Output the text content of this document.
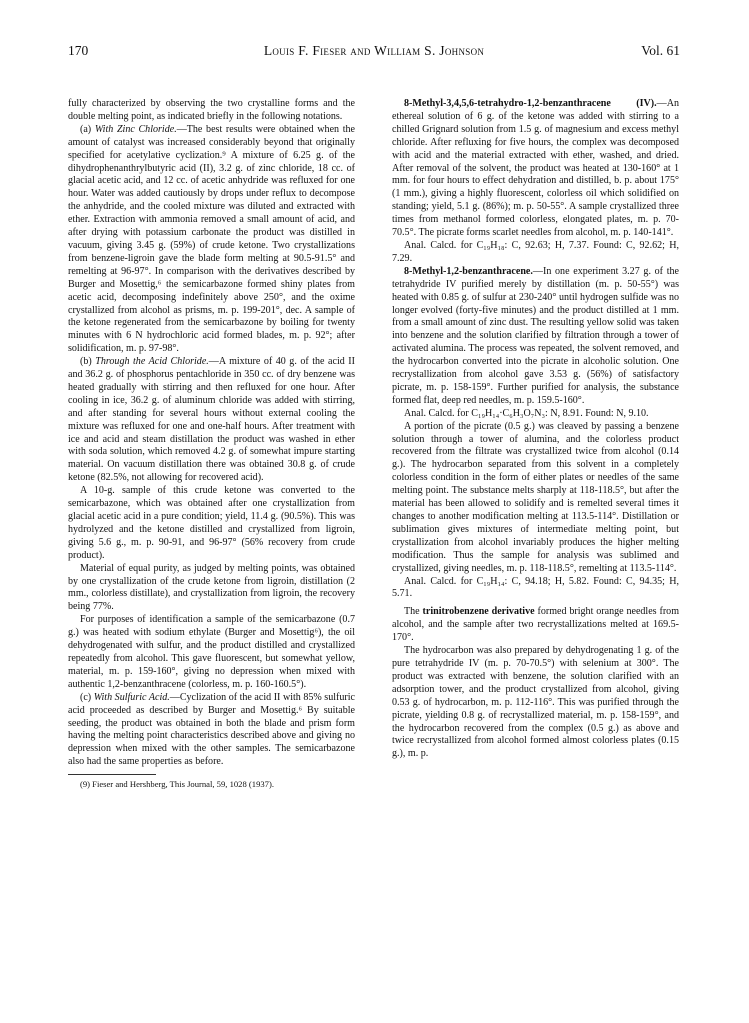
170	Louis F. Fieser and William S. Johnson	Vol. 61

fully characterized by observing the two crystalline forms and the double melting point, as indicated briefly in the following notations.

(a) With Zinc Chloride.—The best results were obtained when the amount of catalyst was increased considerably beyond that originally specified for acetylative cyclization.⁹ A mixture of 6.25 g. of the dihydrophenanthrylbutyric acid (II), 3.2 g. of zinc chloride, 18 cc. of glacial acetic acid, and 12 cc. of acetic anhydride was refluxed for one hour. Water was added cautiously by drops under reflux to decompose the anhydride, and the cooled mixture was diluted and extracted with ether. Extraction with ammonia removed a small amount of acid, and after drying with potassium carbonate the product was distilled in vacuum, giving 3.45 g. (59%) of crude ketone. Two crystallizations from benzene-ligroin gave the blade form melting at 90.5-91.5° and remelting at 96-97°. In comparison with the derivatives described by Burger and Mosettig,⁶ the semicarbazone formed shiny plates from acetic acid, decomposing indefinitely above 250°, and the oxime crystallized from alcohol as prisms, m. p. 199-201°, dec. A sample of the ketone regenerated from the semicarbazone by boiling for twenty minutes with 6 N hydrochloric acid formed blades, m. p. 92°; after solidification, m. p. 97-98°.

(b) Through the Acid Chloride.—A mixture of 40 g. of the acid II and 36.2 g. of phosphorus pentachloride in 350 cc. of dry benzene was heated gradually with stirring and then refluxed for one hour. After cooling in ice, 36.2 g. of aluminum chloride was added with stirring, and after standing for several hours without external cooling the mixture was refluxed for one and one-half hours. After treatment with ice and acid and steam distillation the product was washed in ether with soda solution, which removed 4.2 g. of somewhat impure starting material. On vacuum distillation there was obtained 30.8 g. of crude ketone (82.5%, not allowing for recovered acid).

A 10-g. sample of this crude ketone was converted to the semicarbazone, which was obtained after one crystallization from glacial acetic acid in a pure condition; yield, 11.4 g. (90.5%). This was hydrolyzed and the ketone distilled and crystallized from ligroin, giving 5.6 g., m. p. 90-91, and 96-97° (56% recovery from crude product).

Material of equal purity, as judged by melting points, was obtained by one crystallization of the crude ketone from ligroin, distillation (2 mm., colorless distillate), and crystallization from ligroin, the recovery being 77%.

For purposes of identification a sample of the semicarbazone (0.7 g.) was heated with sodium ethylate (Burger and Mosettig⁶), the oil dehydrogenated with sulfur, and the product distilled and crystallized repeatedly from alcohol. This gave fluorescent, but somewhat yellow, material, m. p. 159-160°, giving no depression when mixed with authentic 1,2-benzanthracene (colorless, m. p. 160-160.5°).

(c) With Sulfuric Acid.—Cyclization of the acid II with 85% sulfuric acid proceeded as described by Burger and Mosettig.⁶ By suitable seeding, the product was obtained in both the blade and prism form having the melting point characteristics described above and giving no depression when mixed with the other samples. The semicarbazone also had the same properties as before.

(9) Fieser and Hershberg, This Journal, 59, 1028 (1937).

8-Methyl-3,4,5,6-tetrahydro-1,2-benzanthracene (IV).—An ethereal solution of 6 g. of the ketone was added with stirring to a chilled Grignard solution from 1.5 g. of magnesium and excess methyl chloride. After refluxing for five hours, the complex was decomposed with acid and the material extracted with ether, washed, and dried. After removal of the solvent, the product was heated at 130-160° at 1 mm. for four hours to effect dehydration and distilled, b. p. about 175° (1 mm.), giving a highly fluorescent, colorless oil which solidified on standing; yield, 5.1 g. (86%); m. p. 50-55°. A sample crystallized three times from methanol formed colorless, elongated plates, m. p. 70-70.5°. The picrate forms scarlet needles from alcohol, m. p. 140-141°.

Anal. Calcd. for C₁₉H₁₈: C, 92.63; H, 7.37. Found: C, 92.62; H, 7.29.

8-Methyl-1,2-benzanthracene.—In one experiment 3.27 g. of the tetrahydride IV purified merely by distillation (m. p. 50-55°) was heated with 0.85 g. of sulfur at 230-240° until hydrogen sulfide was no longer evolved (forty-five minutes) and the product distilled at 1 mm. from a small amount of zinc dust. The resulting yellow solid was taken into benzene and the solution clarified by filtration through a tower of activated alumina. The process was repeated, the solvent removed, and the hydrocarbon converted into the picrate in alcoholic solution. One recrystallization from alcohol gave 3.53 g. (56%) of satisfactory picrate, m. p. 158-159°. Further purified for analysis, the substance formed flat, deep red needles, m. p. 159.5-160°.

Anal. Calcd. for C₁₉H₁₄·C₆H₃O₇N₃: N, 8.91. Found: N, 9.10.

A portion of the picrate (0.5 g.) was cleaved by passing a benzene solution through a tower of alumina, and the colorless product recovered from the filtrate was crystallized twice from alcohol (0.14 g.). The hydrocarbon separated from this solvent in a completely colorless condition in the form of either plates or needles of the same melting point. The substance melts sharply at 118-118.5°, but after the material has been allowed to solidify and is remelted several times it changes to another modification melting at 113.5-114°. Distillation or sublimation gives mixtures of intermediate melting point, but crystallization from alcohol invariably produces the higher melting modification. Thus the sample for analysis was sublimed and crystallized, giving needles, m. p. 118-118.5°, remelting at 113.5-114°.

Anal. Calcd. for C₁₉H₁₄: C, 94.18; H, 5.82. Found: C, 94.35; H, 5.71.

The trinitrobenzene derivative formed bright orange needles from alcohol, and the sample after two recrystallizations melted at 169.5-170°.

The hydrocarbon was also prepared by dehydrogenating 1 g. of the pure tetrahydride IV (m. p. 70-70.5°) with selenium at 300°. The product was extracted with benzene, the solution clarified with an adsorption tower, and the product crystallized from alcohol, giving 0.53 g. of hydrocarbon, m. p. 112-116°. This was purified through the picrate, yielding 0.8 g. of recrystallized material, m. p. 158-159°, and the hydrocarbon recovered from the complex (0.5 g.) as above and twice recrystallized from alcohol formed almost colorless plates (0.15 g.), m. p.
